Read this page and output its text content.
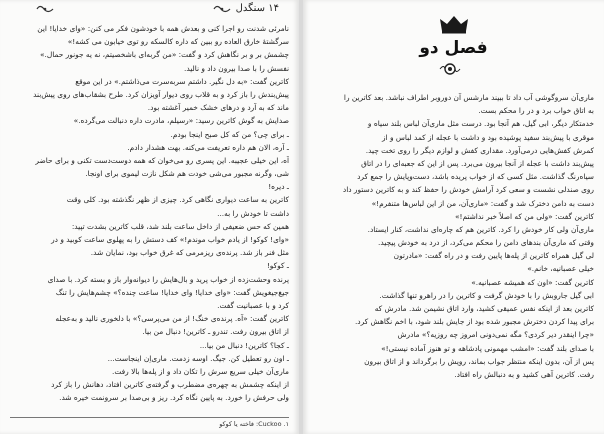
۱۴ سنگدل
نامرئی شدنت رو اجرا کنی و بعدش همه با خودشون فکر می کنن: «وای خدایا! این
سرگشتهٔ خارق العاده رو ببین که داره کالسکه رو توی خیابون می کشه!»
چشمش بر و بر نگاهش کرد و گفت: «من گربه‌ای باشخصیتم، نه یه جونور حمال.»
نفسش را با صدا بیرون داد و نالید.
کاترین گفت: «به دل نگیر. داشتم سربه‌سرت می‌ذاشتم.» در این موقع
پیش‌بندش را باز کرد و به قلاب روی دیوار آویزان کرد. طرح بشقاب‌های روی پیش‌بند
ماند که به آرد و درهای خشک خمیر آغشته بود.
صدایش به گوش کاترین رسید: «رسیلم، مادرت داره دنبالت می‌گرده.»
ـ برای چی؟ من که کل صبح اینجا بودم.
ـ آره، الان هم داره تعریفت می‌کنه. بهت هشدار دادم.
آه، این خیلی عجیبه. این پسری رو می‌خوان که همه دوست‌دست تکنی و برای حاضر
شی، وگرنه مجبور می‌شی خودت هم شکل نازت لیموی برای اونجا.
ـ دیره!
کاترین به ساعت دیواری نگاهی کرد. چیزی از ظهر نگذشته بود. کلی وقت
داشت تا خودش را به...
همین که حس ضعیفی از داخل ساعت بلند شد، قلب کاترین بشدت تپید:
«وای! کوکو! از یادم خواب موندم!» کف دستش را به پهلوی ساعت کوبید و در
مثل فنر باز شد. پرنده‌ی ریزمرمی که غرق خواب بود، نمایان شد.
ـ کوکو!
پرنده وحشت‌زده از خواب پرید و بال‌هایش را دیوانه‌وار باز و بسته کرد. با صدای
جیغ‌جیغویش گفت: «وای خدایا! وای خدایا! ساعت چنده؟» چشم‌هایش را تنگ
کرد و با عصبانیت گفت.
کاترین گفت: «آه. پرنده‌ی خنگ! از من می‌پرسی؟» با دلخوری نالید و به‌عجله
از اتاق بیرون رفت. تندرو ـ کاترین! دنبال من بیا.
ـ کجا؟ کاترین! دنبال من بیا...
ـ اون رو تعطیل کن. جیگ. اوسه زدمت. ماری‌اِن اینجاست...
ماری‌آن خیلی سریع سرش را تکان داد و از پله‌ها بالا رفت.
از اینکه چشمش به چهره‌ی مضطرب و گرفته‌ی کاترین افتاد، دهانش را باز کرد
ولی حرفش را خورد. به پایین نگاه کرد. ریز و بی‌صدا بر سرونمت خیره شد.
۱. Cuckoo: فاخته یا کوکو
فصل دو
ماری‌آن سروگوشی آب داد تا ببیند مارشس آن دوروبر اطراف نباشد. بعد کاترین را
به اتاق خواب برد و در را محکم بست.
خدمتکار دیگر، ابی گیل، هم آنجا بود. درست مثل ماری‌آن لباس بلند سیاه و
موقری با پیش‌بند سفید پوشیده بود و داشت با عجله از کمد لباس و از
کمرش کفش‌هایی درمی‌آورد. مقداری کفش و لوازم دیگر را روی تخت چید.
پیش‌بند داشت با عجله از آنجا بیرون می‌برد. پس از این که جعبه‌ای را در اتاق
سیاه‌رنگ گذاشت. مثل کسی که از خواب پریده باشد، دست‌وپایش را جمع کرد
روی صندلی نشست و سعی کرد آرامش خودش را حفظ کند و به کاترین دستور داد
دست به دامن دخترک شد و گفت: «ماری‌آن، من از این لباس‌ها متنفرم!»
کاترین گفت: «ولی من که اصلاً خبر نداشتم!»
ماری‌آن ولی کار خودش را کرد. کاترین هم که چاره‌ای نداشت، کنار ایستاد.
وقتی که ماری‌آن بندهای دامن را محکم می‌کرد، از درد به خودش پیچید.
لی گیل همراه کاترین از پله‌ها پایین رفت و در راه گفت: «مادرتون
خیلی عصبانیه، خانم.»
کاترین گفت: «اون که همیشه عصبانیه.»
ابی گیل جاروبش را با خودش گرفت و کاترین را در راهرو تنها گذاشت.
کاترین بعد از اینکه نفس عمیقی کشید، وارد اتاق نشیمن شد. مادرش که
برای پیدا کردن دخترش مجبور شده بود از جایش بلند شود، با اخم نگاهش کرد.
«چرا اینقدر دیر کردی؟ مگه نمی‌دونی امروز چه روزیه؟» مادرش
با صدای بلند گفت: «امشب مهمونی پادشاهه و تو هنوز آماده نیستی!»
پس از آن، بدون اینکه منتظر جواب بماند، رویش را برگرداند و از اتاق بیرون
رفت. کاترین آهی کشید و به دنبالش راه افتاد.
